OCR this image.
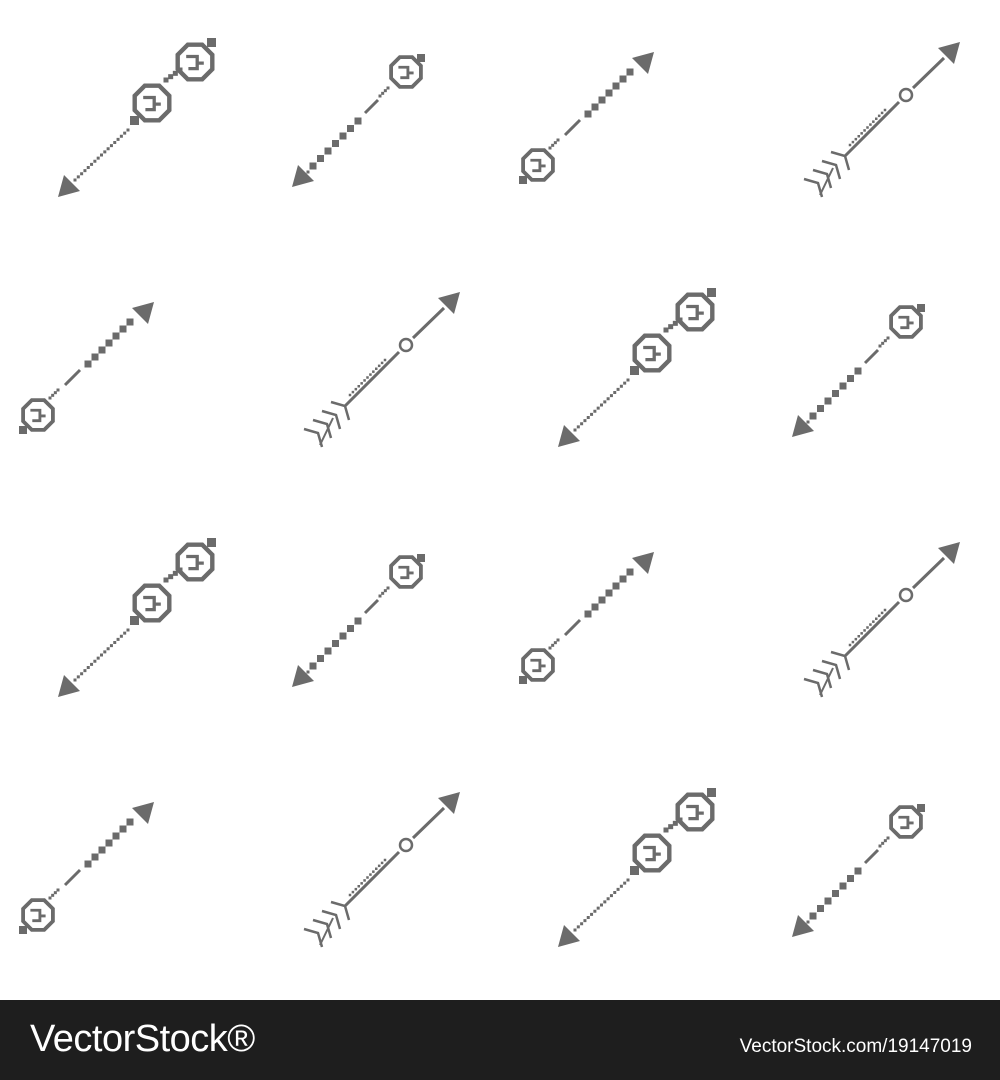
VectorStock®	VectorStock.com/19147019
